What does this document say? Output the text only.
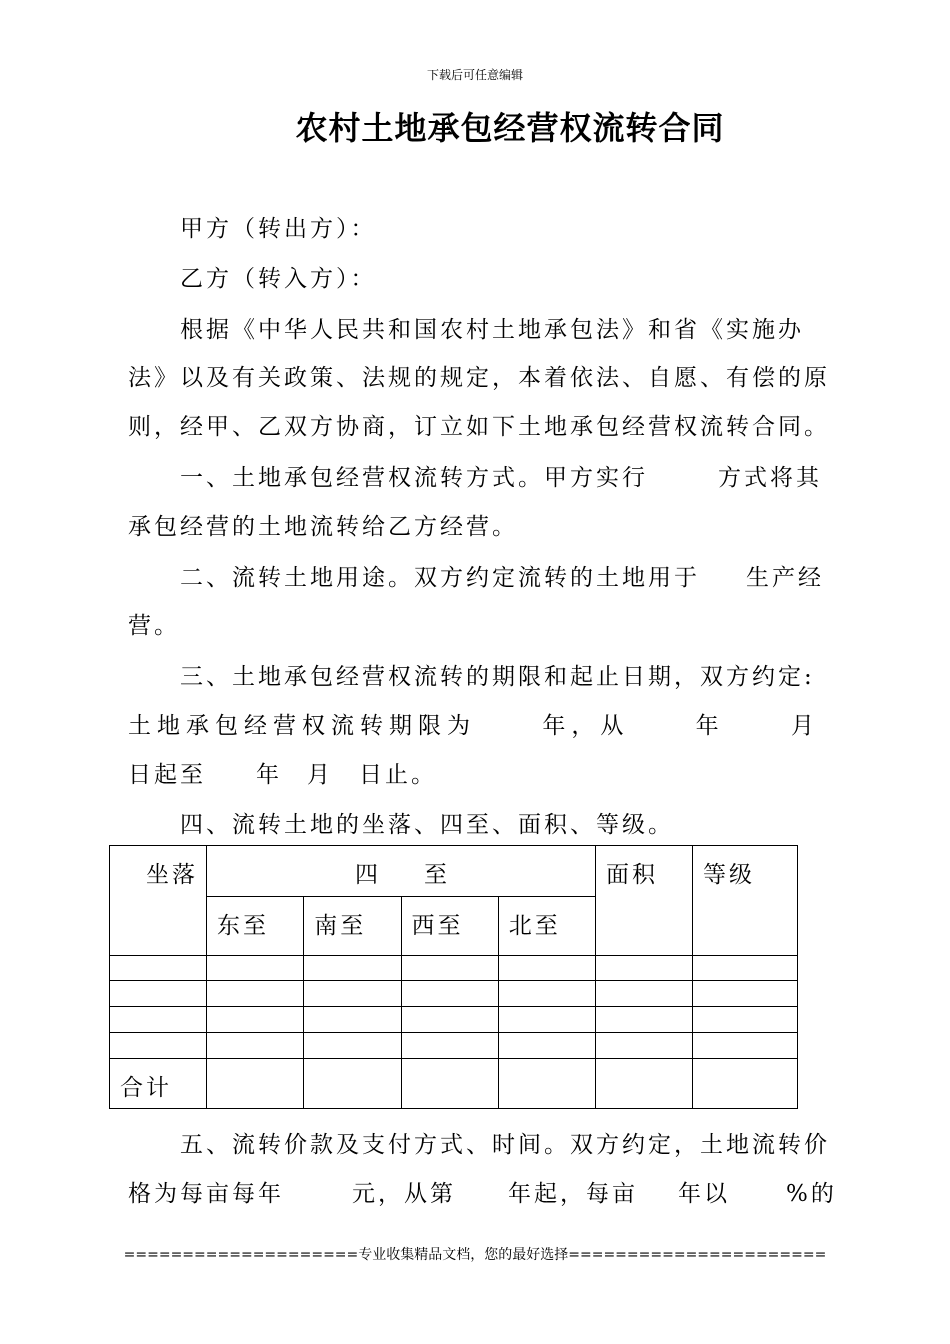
下载后可任意编辑
农村土地承包经营权流转合同
甲方（转出方）：
乙方（转入方）：
根据《中华人民共和国农村土地承包法》和省《实施办
法》以及有关政策、法规的规定，本着依法、自愿、有偿的原
则，经甲、乙双方协商，订立如下土地承包经营权流转合同。
一、土地承包经营权流转方式。甲方实行	方式将其
承包经营的土地流转给乙方经营。
二、流转土地用途。双方约定流转的土地用于 生产经
营。
三、土地承包经营权流转的期限和起止日期，双方约定:
土地承包经营权流转期限为	年，从	年	月
日起至 年 月 日止。
四、流转土地的坐落、四至、面积、等级。
坐落	四　　至				面积	等级

	东至	南至	西至	北至		

合计						

五、流转价款及支付方式、时间。双方约定，土地流转价
格为每亩每年	元，从第 年起，每亩 年以 %的
====================专业收集精品文档，您的最好选择======================
